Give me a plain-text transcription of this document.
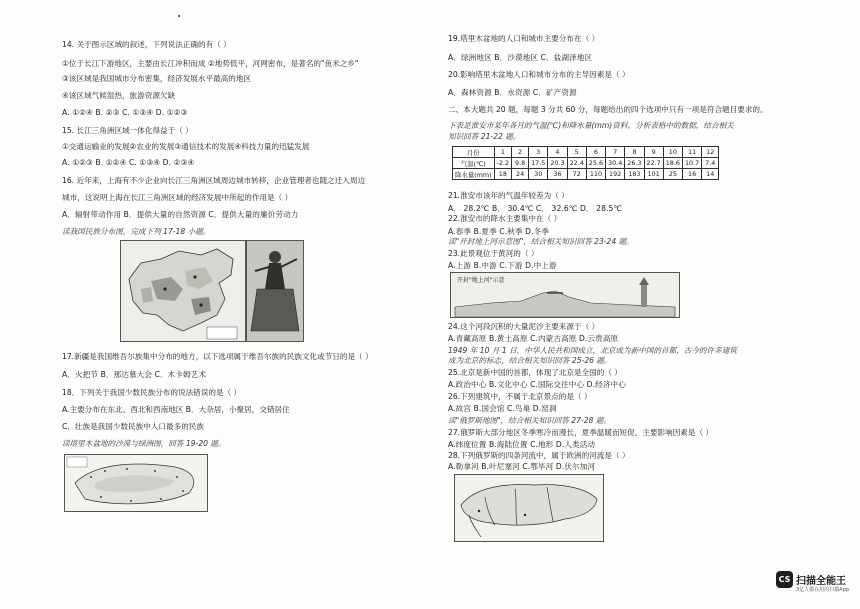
14. 关于图示区域的叙述，下列说法正确的有（ ）
①位于长江下游地区，主要由长江冲积而成 ②地势低平，河网密布，是著名的"鱼米之乡"
③该区域是我国城市分布密集，经济发展水平最高的地区
④该区域气候湿热，旅游资源欠缺
A. ①②④ B. ②③ C. ①③④ D. ①②③
15. 长江三角洲区域一体化得益于（ ）
①交通运输业的发展②农业的发展③通信技术的发展④科技力量的迅猛发展
A. ①②③ B. ①②④ C. ①③④ D. ②③④
16. 近年来，上海有不少企业向长江三角洲区域周边城市转移，企业管理者也随之迁入周边
城市，这说明上海在长江三角洲区域的经济发展中所起的作用是（ ）
A．辐射带动作用 B．提供大量的自然资源 C．提供大量的廉价劳动力
读我国民族分布图，完成下列 17-18 小题。
17.新疆是我国维吾尔族集中分布的地方，以下选项属于维吾尔族的民族文化或节日的是（ ）
A．火把节 B．那达慕大会 C．木卡姆艺术
18．下列关于我国少数民族分布的说法错误的是（ ）
A.主要分布在东北、西北和西南地区 B．大杂居，小聚居，交错居住
C．壮族是我国少数民族中人口最多的民族
读塔里木盆地的沙漠与绿洲图，回答 19-20 题。
19.塔里木盆地的人口和城市主要分布在（ ）
A．绿洲地区 B．沙漠地区 C．盐湖泽地区
20.影响塔里木盆地人口和城市分布的主导因素是（ ）
A．森林资源 B．水资源 C．矿产资源
二、本大题共 20 题，每题 3 分共 60 分，每题给出的四个选项中只有一项是符合题目要求的。
下表是淮安市某年各月的气温(℃)和降水量(mm)资料，分析表格中的数据，结合相关
知识回答 21-22 题。
月份	1	2	3	4	5	6	7	8	9	10	11	12
气温(℃)	-2.2	9.8	17.5	20.3	22.4	25.6	30.4	26.3	22.7	18.6	10.7	7.4
降水量(mm)	18	24	30	36	72	110	192	183	101	25	16	14
21.淮安市该年的气温年较差为（ ）
A． 28.2℃ B． 30.4℃ C． 32.6℃ D． 28.5℃
22.淮安市的降水主要集中在（ ）
A.春季 B.夏季 C.秋季 D.冬季
读"开封地上河示意图"，结合相关知识回答 23-24 题。
23.此景观位于黄河的（ ）
A.上游 B.中游 C.下游 D.中上游
开封"地上河"示意
24.这个河段沉积的大量泥沙主要来源于（ ）
A.青藏高原 B.黄土高原 C.内蒙古高原 D.云贵高原
1949 年 10 月 1 日，中华人民共和国成立，北京成为新中国的首都，古今的许多建筑
成为北京的标志，结合相关知识回答 25-26 题。
25.北京是新中国的首都，体现了北京是全国的（ ）
A.政治中心 B.文化中心 C.国际交往中心 D.经济中心
26.下列建筑中，不属于北京景点的是（ ）
A.故宫 B.国会馆 C.鸟巢 D.窑洞
读"俄罗斯地图"，结合相关知识回答 27-28 题。
27.俄罗斯大部分地区冬季寒冷而漫长，夏季温暖而短促，主要影响因素是（ ）
A.纬度位置 B.海陆位置 C.地形 D.人类活动
28.下列俄罗斯的四条河流中，属于欧洲的河流是（ ）
A.勒拿河 B.叶尼塞河 C.鄂毕河 D.伏尔加河
CS 扫描全能王
3亿人都在用的扫描App
